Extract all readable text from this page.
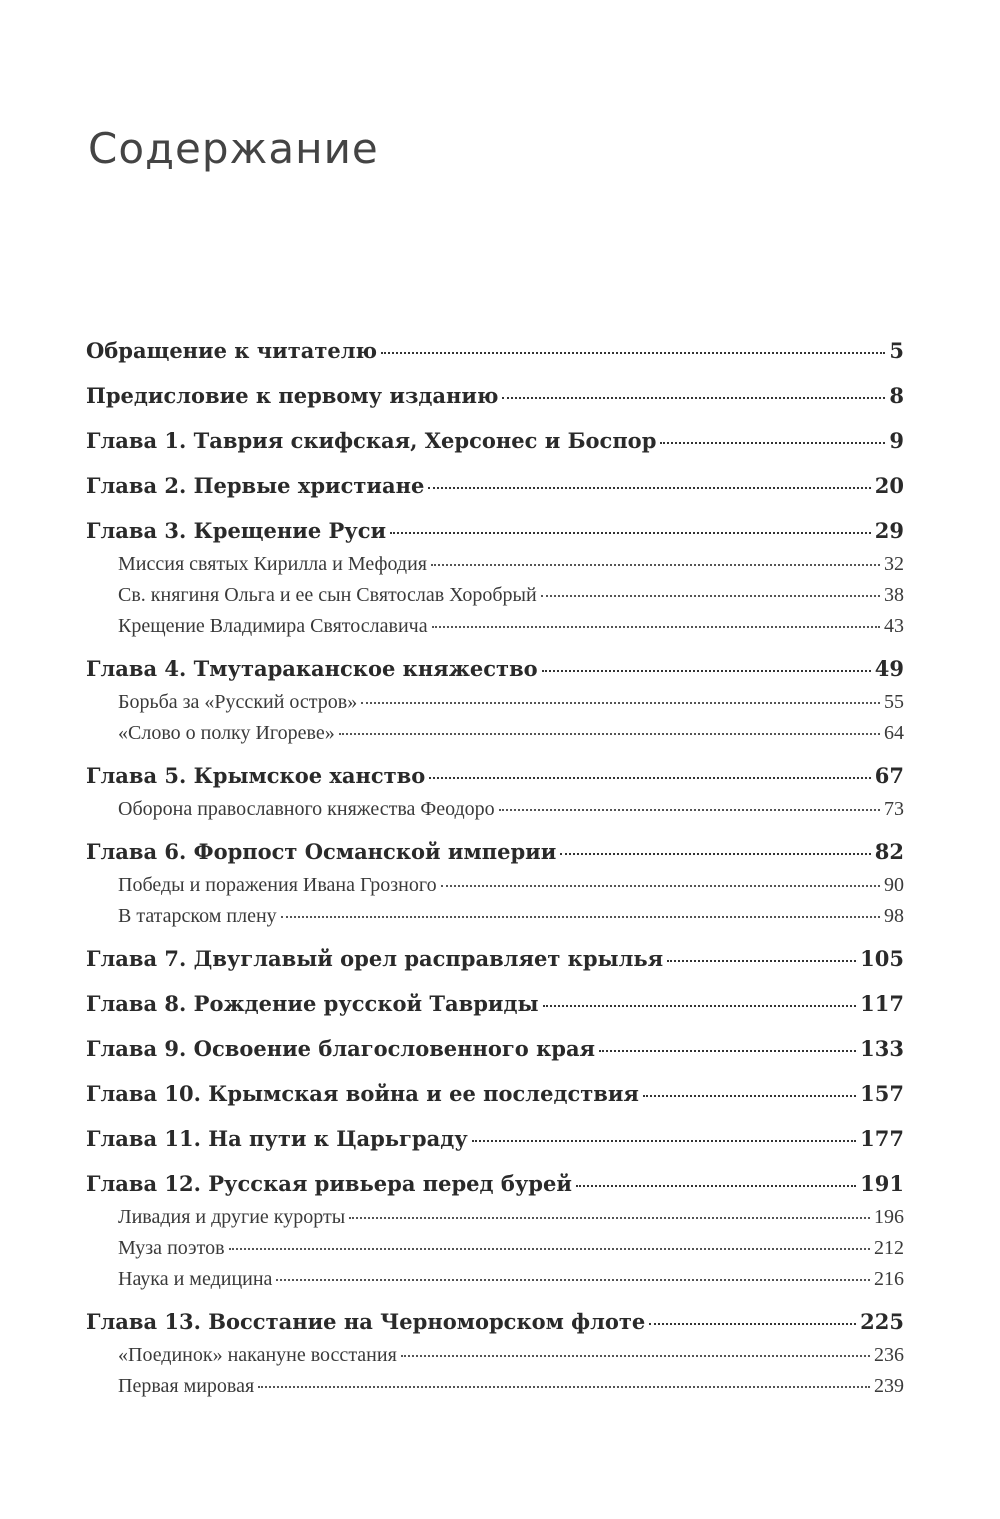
Содержание
Обращение к читателю	5
Предисловие к первому изданию	8
Глава 1. Таврия скифская, Херсонес и Боспор	9
Глава 2. Первые христиане	20
Глава 3. Крещение Руси	29
Миссия святых Кирилла и Мефодия	32
Св. княгиня Ольга и ее сын Святослав Хоробрый	38
Крещение Владимира Святославича	43
Глава 4. Тмутараканское княжество	49
Борьба за «Русский остров»	55
«Слово о полку Игореве»	64
Глава 5. Крымское ханство	67
Оборона православного княжества Феодоро	73
Глава 6. Форпост Османской империи	82
Победы и поражения Ивана Грозного	90
В татарском плену	98
Глава 7. Двуглавый орел расправляет крылья	105
Глава 8. Рождение русской Тавриды	117
Глава 9. Освоение благословенного края	133
Глава 10. Крымская война и ее последствия	157
Глава 11. На пути к Царьграду	177
Глава 12. Русская ривьера перед бурей	191
Ливадия и другие курорты	196
Муза поэтов	212
Наука и медицина	216
Глава 13. Восстание на Черноморском флоте	225
«Поединок» накануне восстания	236
Первая мировая	239
